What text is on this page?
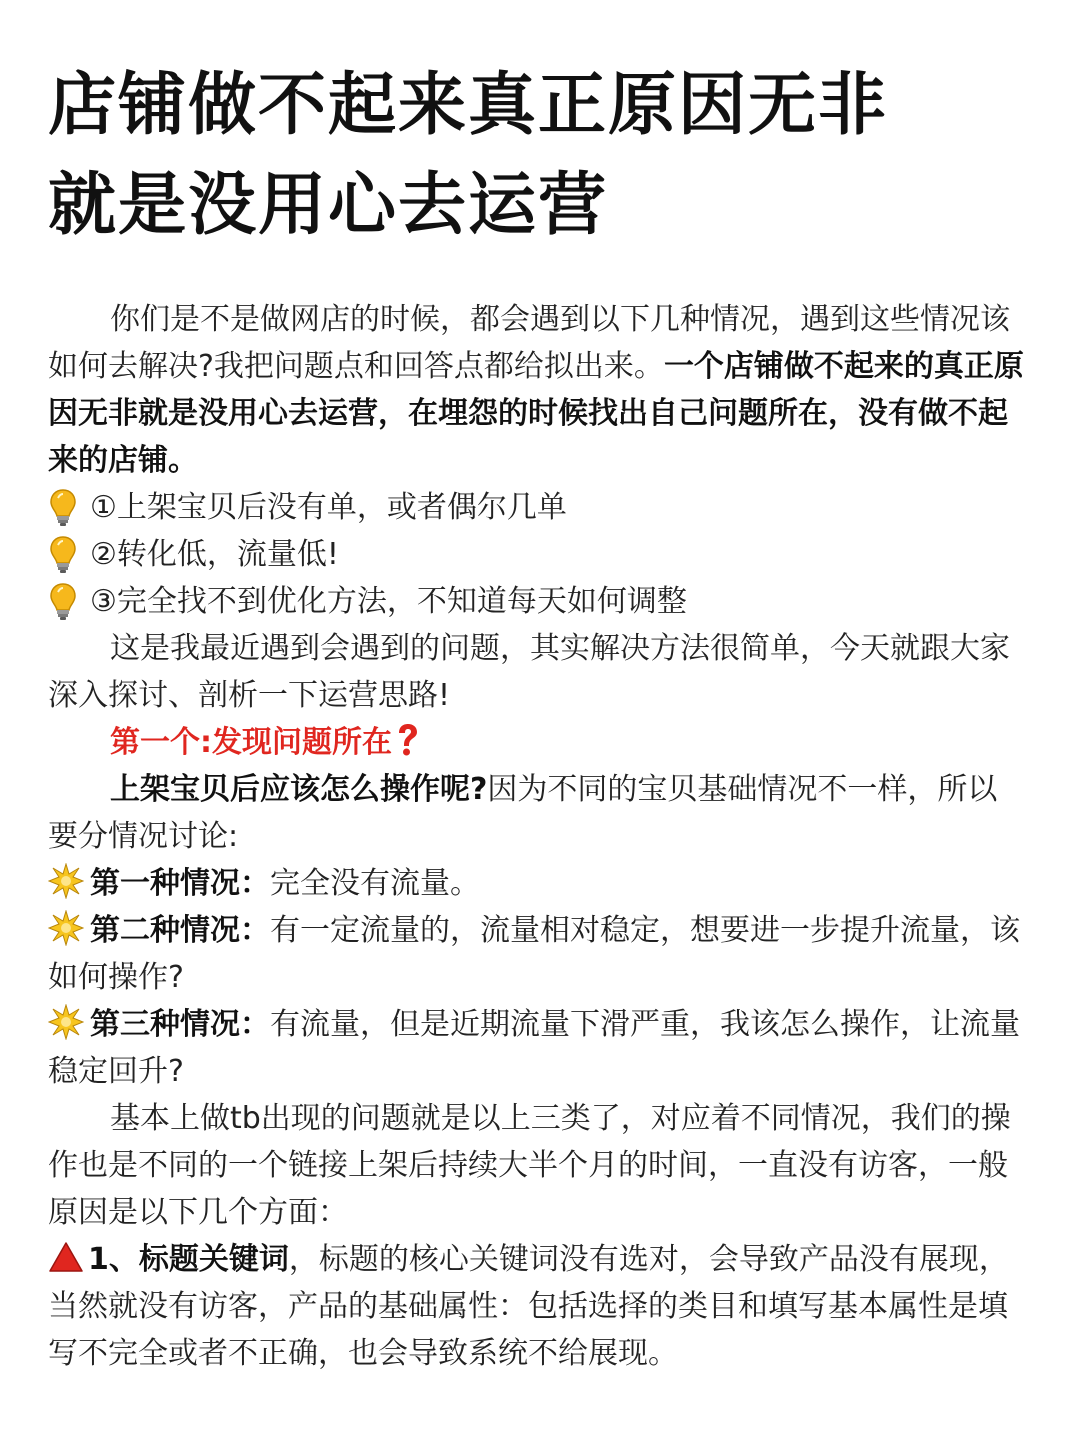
店铺做不起来真正原因无非
就是没用心去运营

你们是不是做网店的时候，都会遇到以下几种情况，遇到这些情况该如何去解决?我把问题点和回答点都给拟出来。一个店铺做不起来的真正原因无非就是没用心去运营，在埋怨的时候找出自己问题所在，没有做不起来的店铺。

①上架宝贝后没有单，或者偶尔几单
②转化低，流量低!
③完全找不到优化方法，不知道每天如何调整

这是我最近遇到会遇到的问题，其实解决方法很简单，今天就跟大家深入探讨、剖析一下运营思路!

第一个:发现问题所在

上架宝贝后应该怎么操作呢?因为不同的宝贝基础情况不一样，所以要分情况讨论:

第一种情况：完全没有流量。

第二种情况：有一定流量的，流量相对稳定，想要进一步提升流量，该如何操作?

第三种情况：有流量，但是近期流量下滑严重，我该怎么操作，让流量稳定回升?

基本上做tb出现的问题就是以上三类了，对应着不同情况，我们的操作也是不同的一个链接上架后持续大半个月的时间，一直没有访客，一般原因是以下几个方面：

1、标题关键词，标题的核心关键词没有选对，会导致产品没有展现，当然就没有访客，产品的基础属性：包括选择的类目和填写基本属性是填写不完全或者不正确，也会导致系统不给展现。
